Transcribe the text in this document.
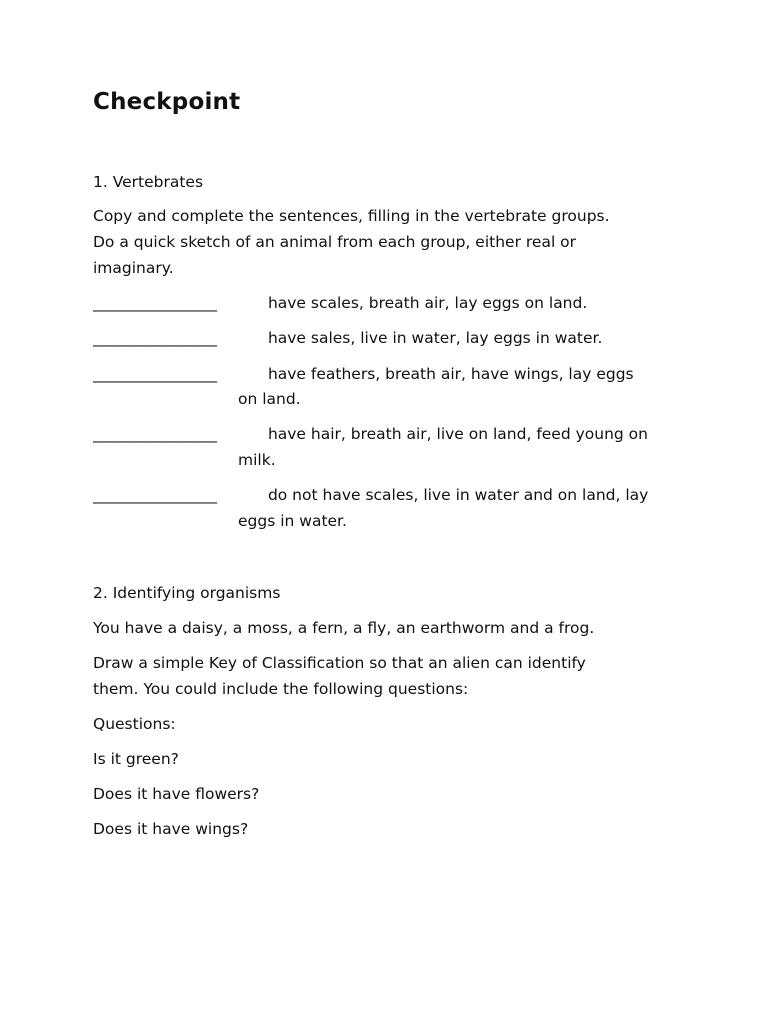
Checkpoint

1. Vertebrates

Copy and complete the sentences, filling in the vertebrate groups.

Do a quick sketch of an animal from each group, either real or

imaginary.

________________	have scales, breath air, lay eggs on land.
________________	have sales, live in water, lay eggs in water.
________________	have feathers, breath air, have wings, lay eggs
on land.
________________	have hair, breath air, live on land, feed young on
milk.
________________	do not have scales, live in water and on land, lay
eggs in water.

2. Identifying organisms

You have a daisy, a moss, a fern, a fly, an earthworm and a frog.

Draw a simple Key of Classification so that an alien can identify

them. You could include the following questions:

Questions:

Is it green?

Does it have flowers?

Does it have wings?
